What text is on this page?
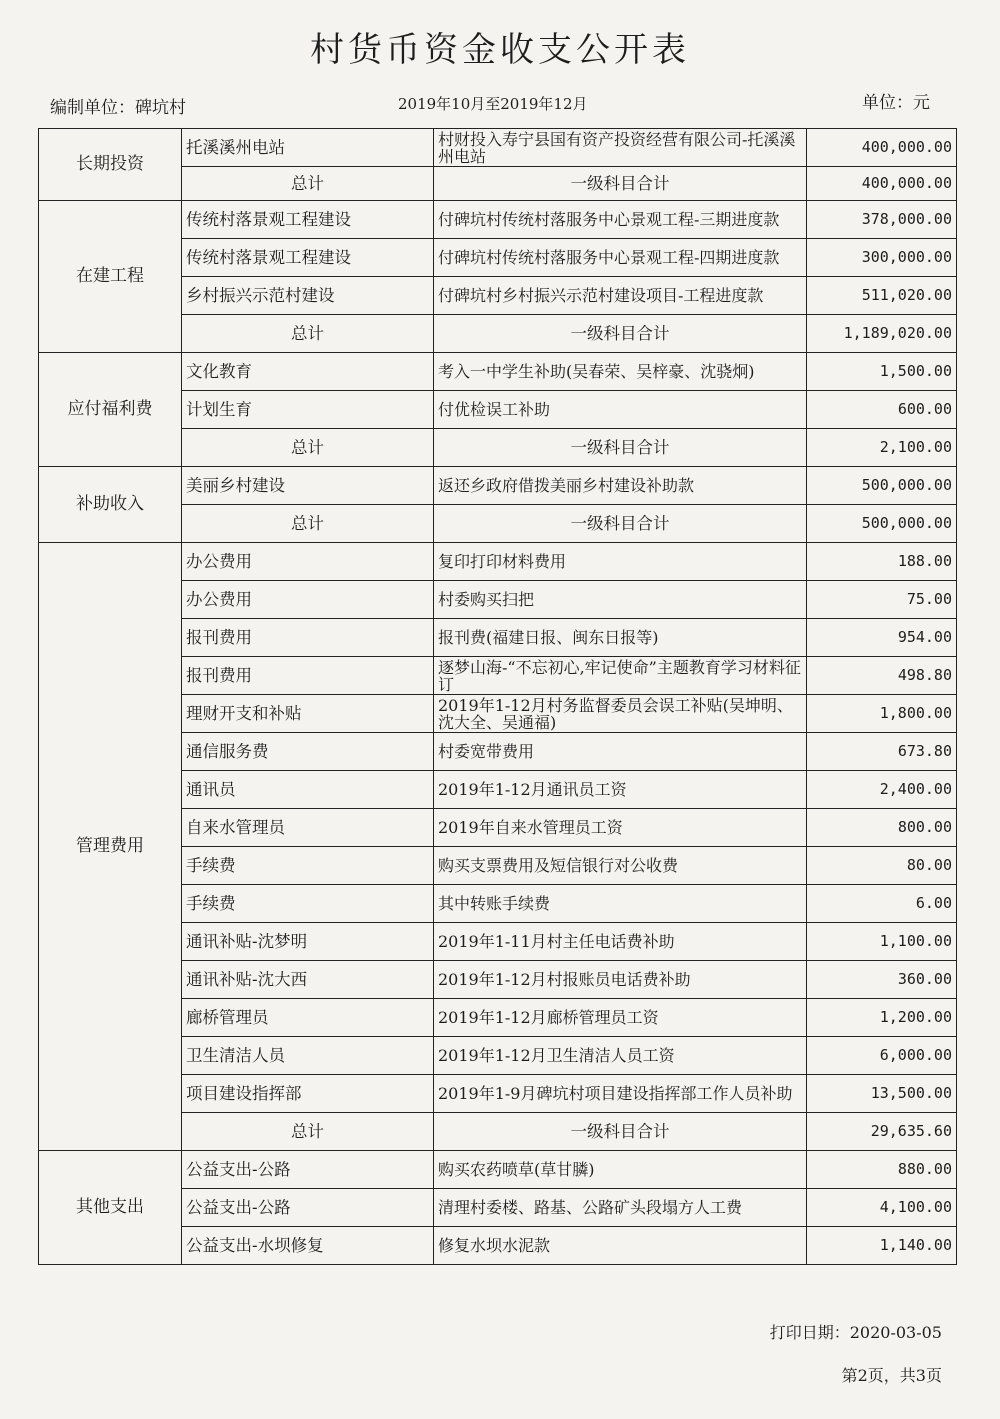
村货币资金收支公开表
编制单位：碑坑村	2019年10月至2019年12月	单位：元
长期投资	托溪溪州电站	村财投入寿宁县国有资产投资经营有限公司-托溪溪州电站	400,000.00
	总计	一级科目合计	400,000.00
在建工程	传统村落景观工程建设	付碑坑村传统村落服务中心景观工程-三期进度款	378,000.00
	传统村落景观工程建设	付碑坑村传统村落服务中心景观工程-四期进度款	300,000.00
	乡村振兴示范村建设	付碑坑村乡村振兴示范村建设项目-工程进度款	511,020.00
	总计	一级科目合计	1,189,020.00
应付福利费	文化教育	考入一中学生补助(吴春荣、吴梓豪、沈骁炯)	1,500.00
	计划生育	付优检误工补助	600.00
	总计	一级科目合计	2,100.00
补助收入	美丽乡村建设	返还乡政府借拨美丽乡村建设补助款	500,000.00
	总计	一级科目合计	500,000.00
管理费用	办公费用	复印打印材料费用	188.00
	办公费用	村委购买扫把	75.00
	报刊费用	报刊费(福建日报、闽东日报等)	954.00
	报刊费用	逐梦山海-“不忘初心,牢记使命”主题教育学习材料征订	498.80
	理财开支和补贴	2019年1-12月村务监督委员会误工补贴(吴坤明、沈大全、吴通福)	1,800.00
	通信服务费	村委宽带费用	673.80
	通讯员	2019年1-12月通讯员工资	2,400.00
	自来水管理员	2019年自来水管理员工资	800.00
	手续费	购买支票费用及短信银行对公收费	80.00
	手续费	其中转账手续费	6.00
	通讯补贴-沈梦明	2019年1-11月村主任电话费补助	1,100.00
	通讯补贴-沈大西	2019年1-12月村报账员电话费补助	360.00
	廊桥管理员	2019年1-12月廊桥管理员工资	1,200.00
	卫生清洁人员	2019年1-12月卫生清洁人员工资	6,000.00
	项目建设指挥部	2019年1-9月碑坑村项目建设指挥部工作人员补助	13,500.00
	总计	一级科目合计	29,635.60
其他支出	公益支出-公路	购买农药喷草(草甘膦)	880.00
	公益支出-公路	清理村委楼、路基、公路矿头段塌方人工费	4,100.00
	公益支出-水坝修复	修复水坝水泥款	1,140.00
打印日期：2020-03-05
第2页，共3页
